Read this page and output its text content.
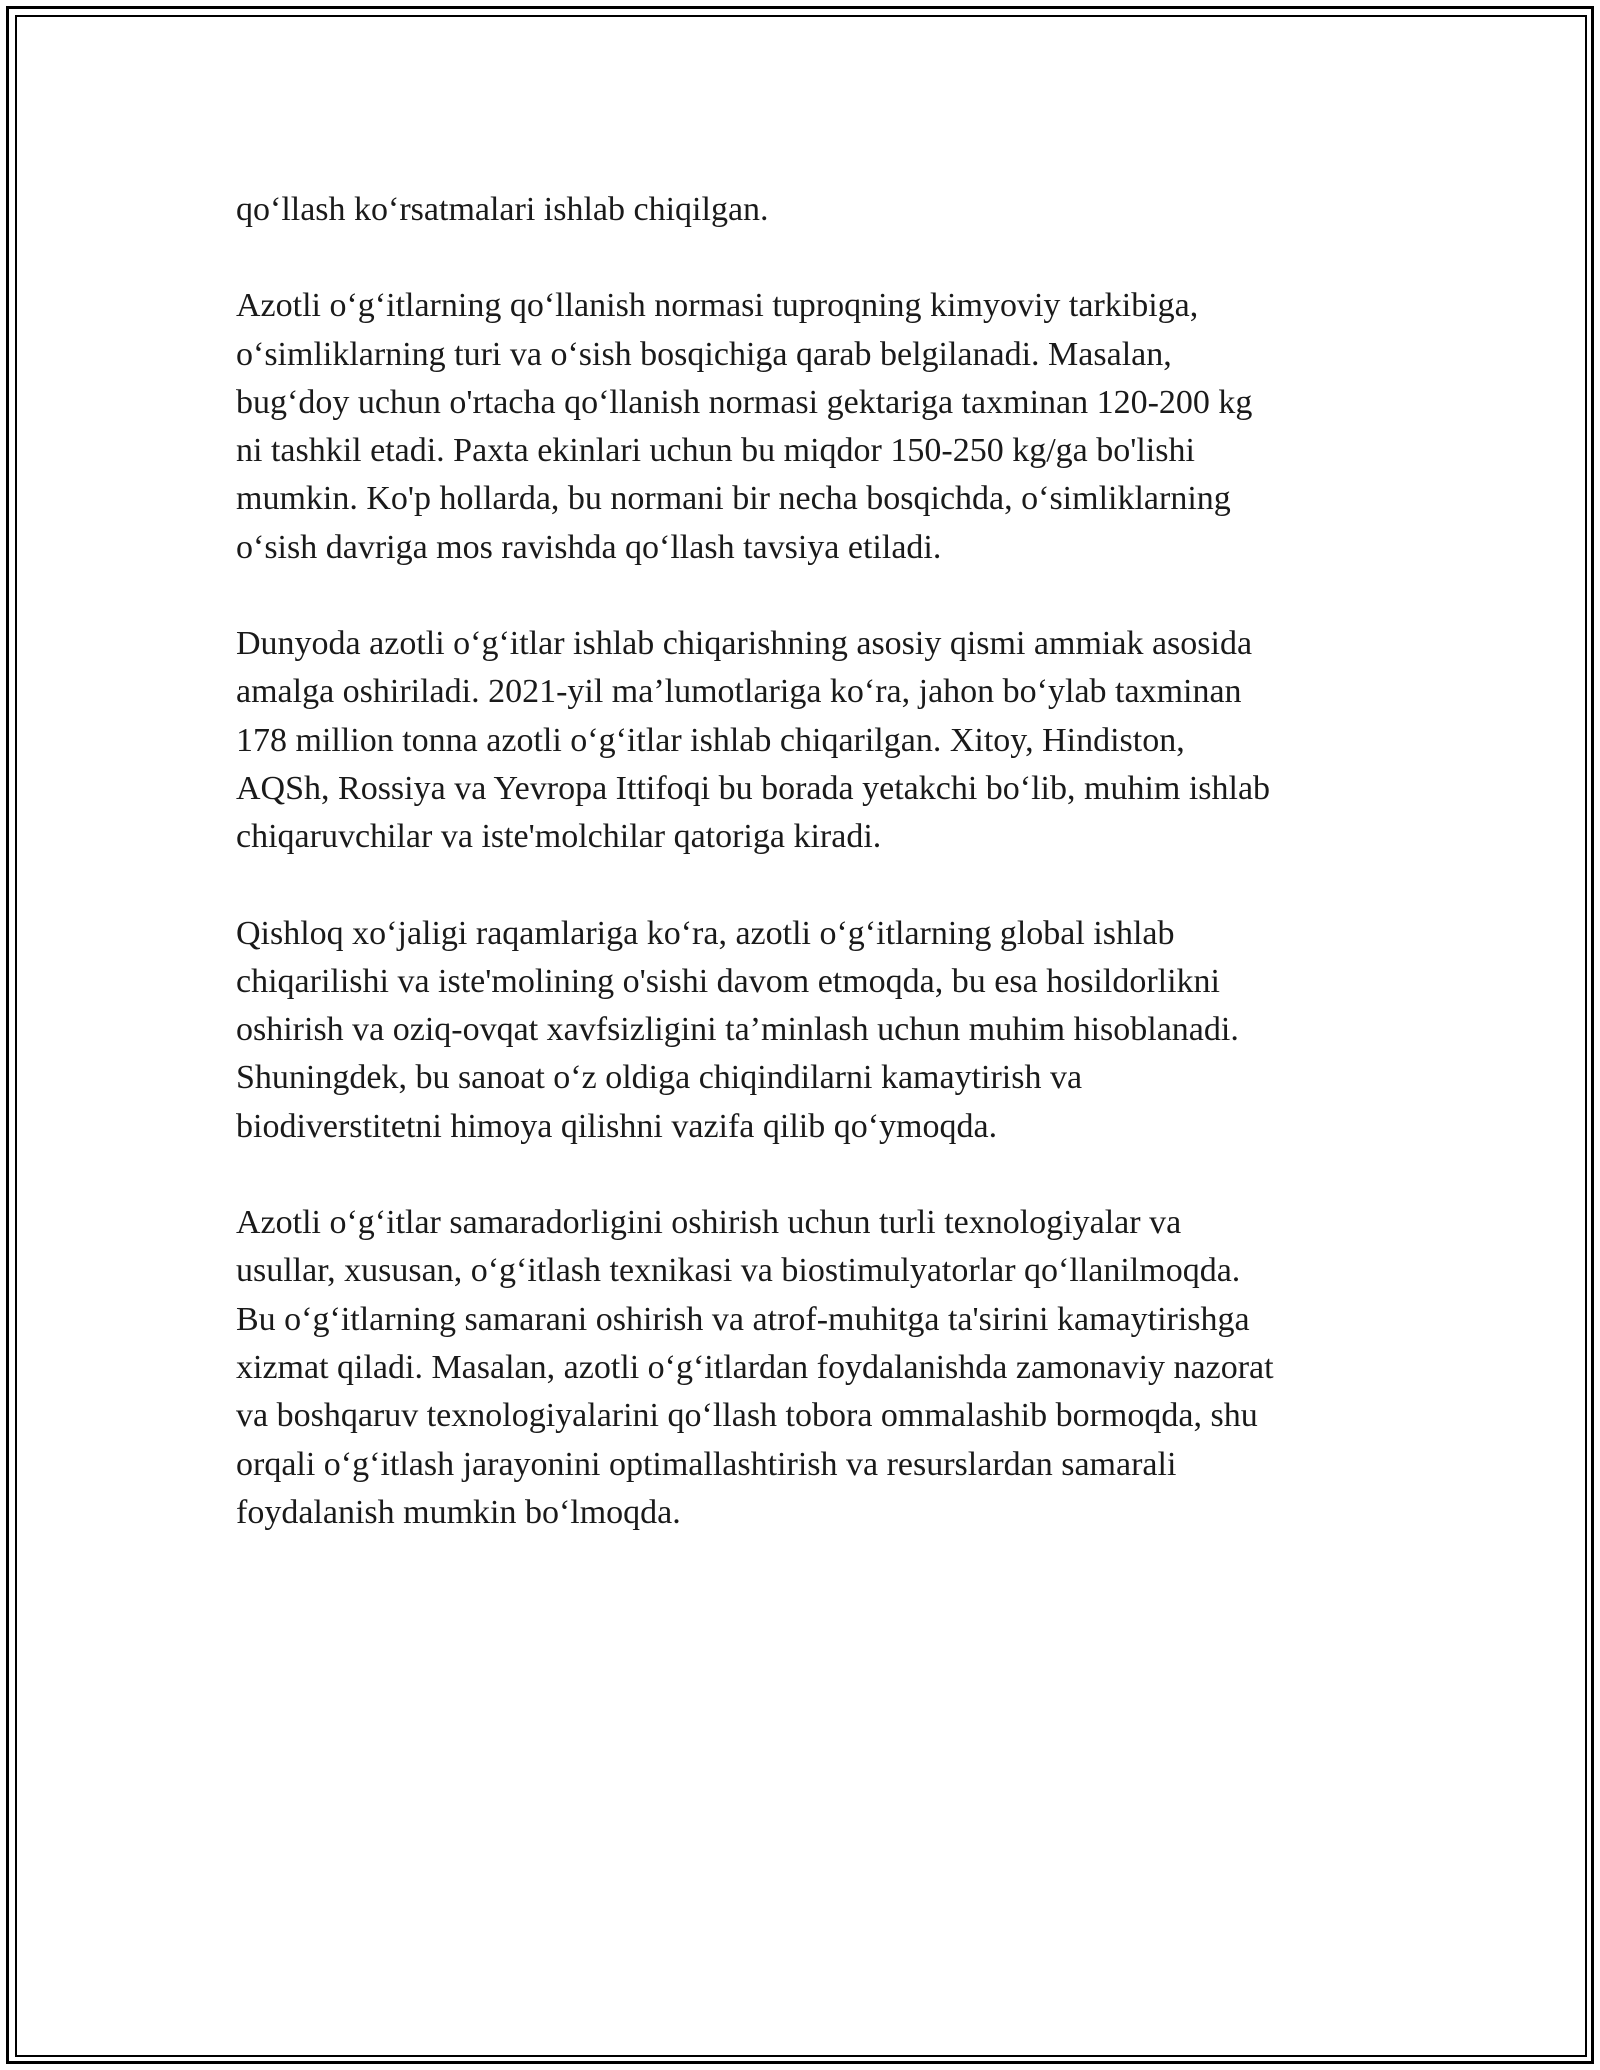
qo‘llash ko‘rsatmalari ishlab chiqilgan.
Azotli o‘g‘itlarning qo‘llanish normasi tuproqning kimyoviy tarkibiga,
o‘simliklarning turi va o‘sish bosqichiga qarab belgilanadi. Masalan,
bug‘doy uchun o'rtacha qo‘llanish normasi gektariga taxminan 120-200 kg
ni tashkil etadi. Paxta ekinlari uchun bu miqdor 150-250 kg/ga bo'lishi
mumkin. Ko'p hollarda, bu normani bir necha bosqichda, o‘simliklarning
o‘sish davriga mos ravishda qo‘llash tavsiya etiladi.
Dunyoda azotli o‘g‘itlar ishlab chiqarishning asosiy qismi ammiak asosida
amalga oshiriladi. 2021-yil ma’lumotlariga ko‘ra, jahon bo‘ylab taxminan
178 million tonna azotli o‘g‘itlar ishlab chiqarilgan. Xitoy, Hindiston,
AQSh, Rossiya va Yevropa Ittifoqi bu borada yetakchi bo‘lib, muhim ishlab
chiqaruvchilar va iste'molchilar qatoriga kiradi.
Qishloq xo‘jaligi raqamlariga ko‘ra, azotli o‘g‘itlarning global ishlab
chiqarilishi va iste'molining o'sishi davom etmoqda, bu esa hosildorlikni
oshirish va oziq-ovqat xavfsizligini ta’minlash uchun muhim hisoblanadi.
Shuningdek, bu sanoat o‘z oldiga chiqindilarni kamaytirish va
biodiverstitetni himoya qilishni vazifa qilib qo‘ymoqda.
Azotli o‘g‘itlar samaradorligini oshirish uchun turli texnologiyalar va
usullar, xususan, o‘g‘itlash texnikasi va biostimulyatorlar qo‘llanilmoqda.
Bu o‘g‘itlarning samarani oshirish va atrof-muhitga ta'sirini kamaytirishga
xizmat qiladi. Masalan, azotli o‘g‘itlardan foydalanishda zamonaviy nazorat
va boshqaruv texnologiyalarini qo‘llash tobora ommalashib bormoqda, shu
orqali o‘g‘itlash jarayonini optimallashtirish va resurslardan samarali
foydalanish mumkin bo‘lmoqda.
